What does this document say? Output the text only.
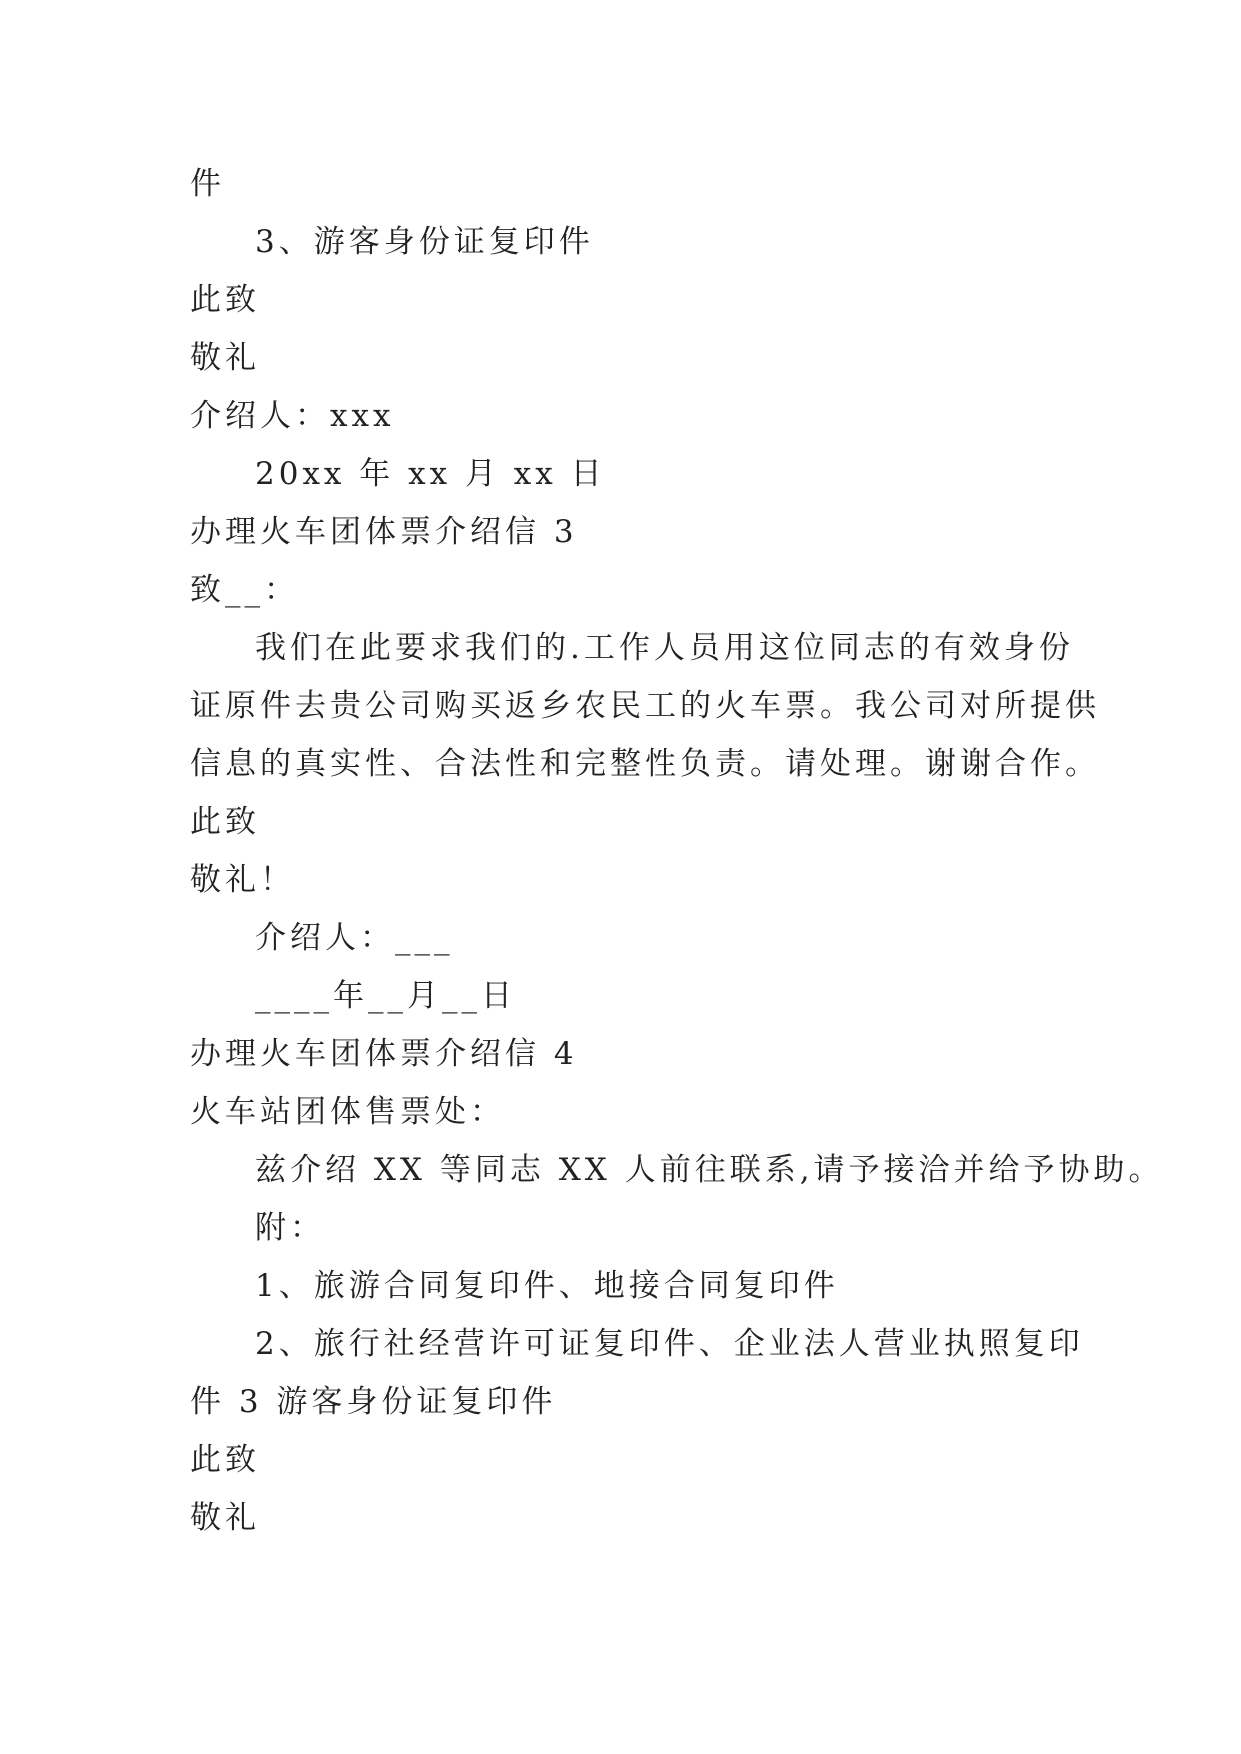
件
3、游客身份证复印件
此致
敬礼
介绍人：xxx
20xx 年 xx 月 xx 日
办理火车团体票介绍信 3
致__：
我们在此要求我们的.工作人员用这位同志的有效身份
证原件去贵公司购买返乡农民工的火车票。我公司对所提供
信息的真实性、合法性和完整性负责。请处理。谢谢合作。
此致
敬礼！
介绍人：___
____年__月__日
办理火车团体票介绍信 4
火车站团体售票处：
兹介绍 XX 等同志 XX 人前往联系,请予接洽并给予协助。
附：
1、旅游合同复印件、地接合同复印件
2、旅行社经营许可证复印件、企业法人营业执照复印
件 3 游客身份证复印件
此致
敬礼
